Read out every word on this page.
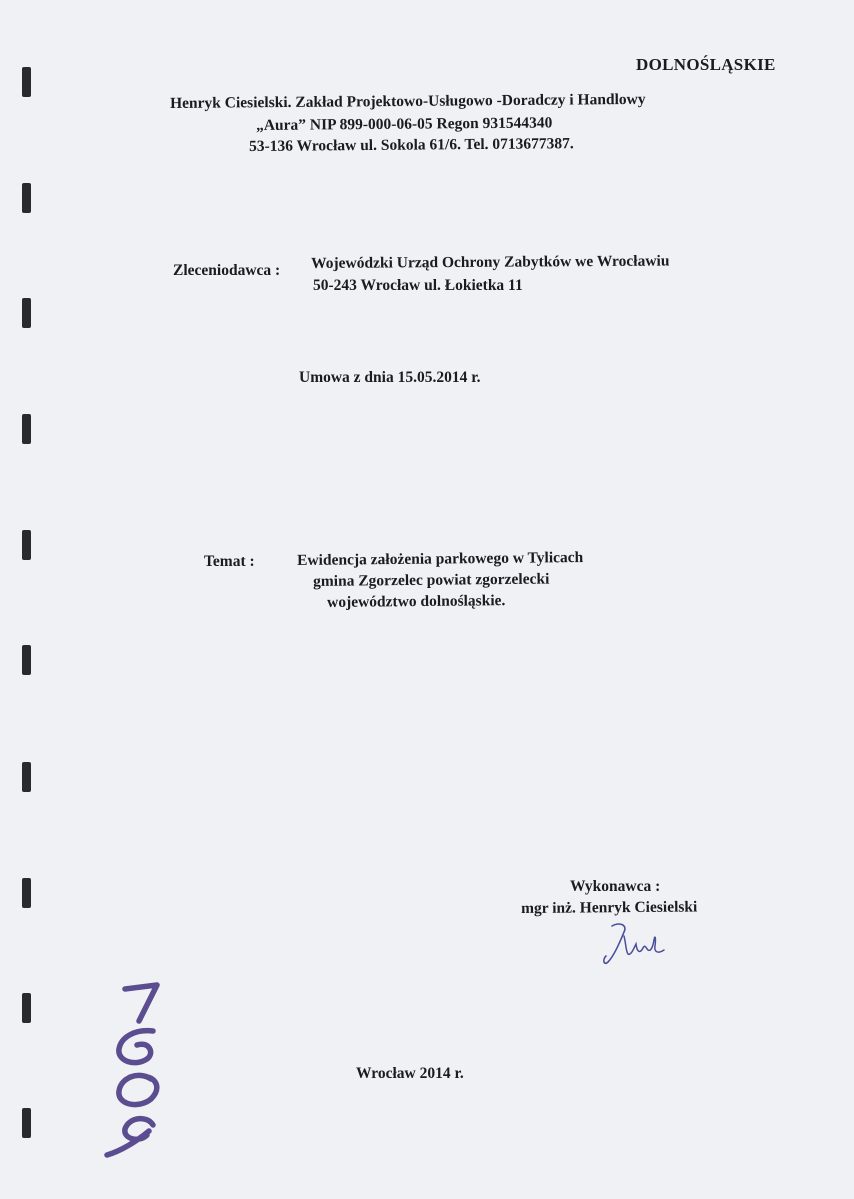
DOLNOŚLĄSKIE
Henryk Ciesielski. Zakład Projektowo-Usługowo -Doradczy i Handlowy
„Aura” NIP 899-000-06-05 Regon 931544340
53-136 Wrocław ul. Sokola 61/6. Tel. 0713677387.
Zleceniodawca : Wojewódzki Urząd Ochrony Zabytków we Wrocławiu
50-243 Wrocław ul. Łokietka 11
Umowa z dnia 15.05.2014 r.
Temat :	Ewidencja założenia parkowego w Tylicach
gmina Zgorzelec powiat zgorzelecki
województwo dolnośląskie.
Wykonawca :
mgr inż. Henryk Ciesielski
Wrocław 2014 r.
